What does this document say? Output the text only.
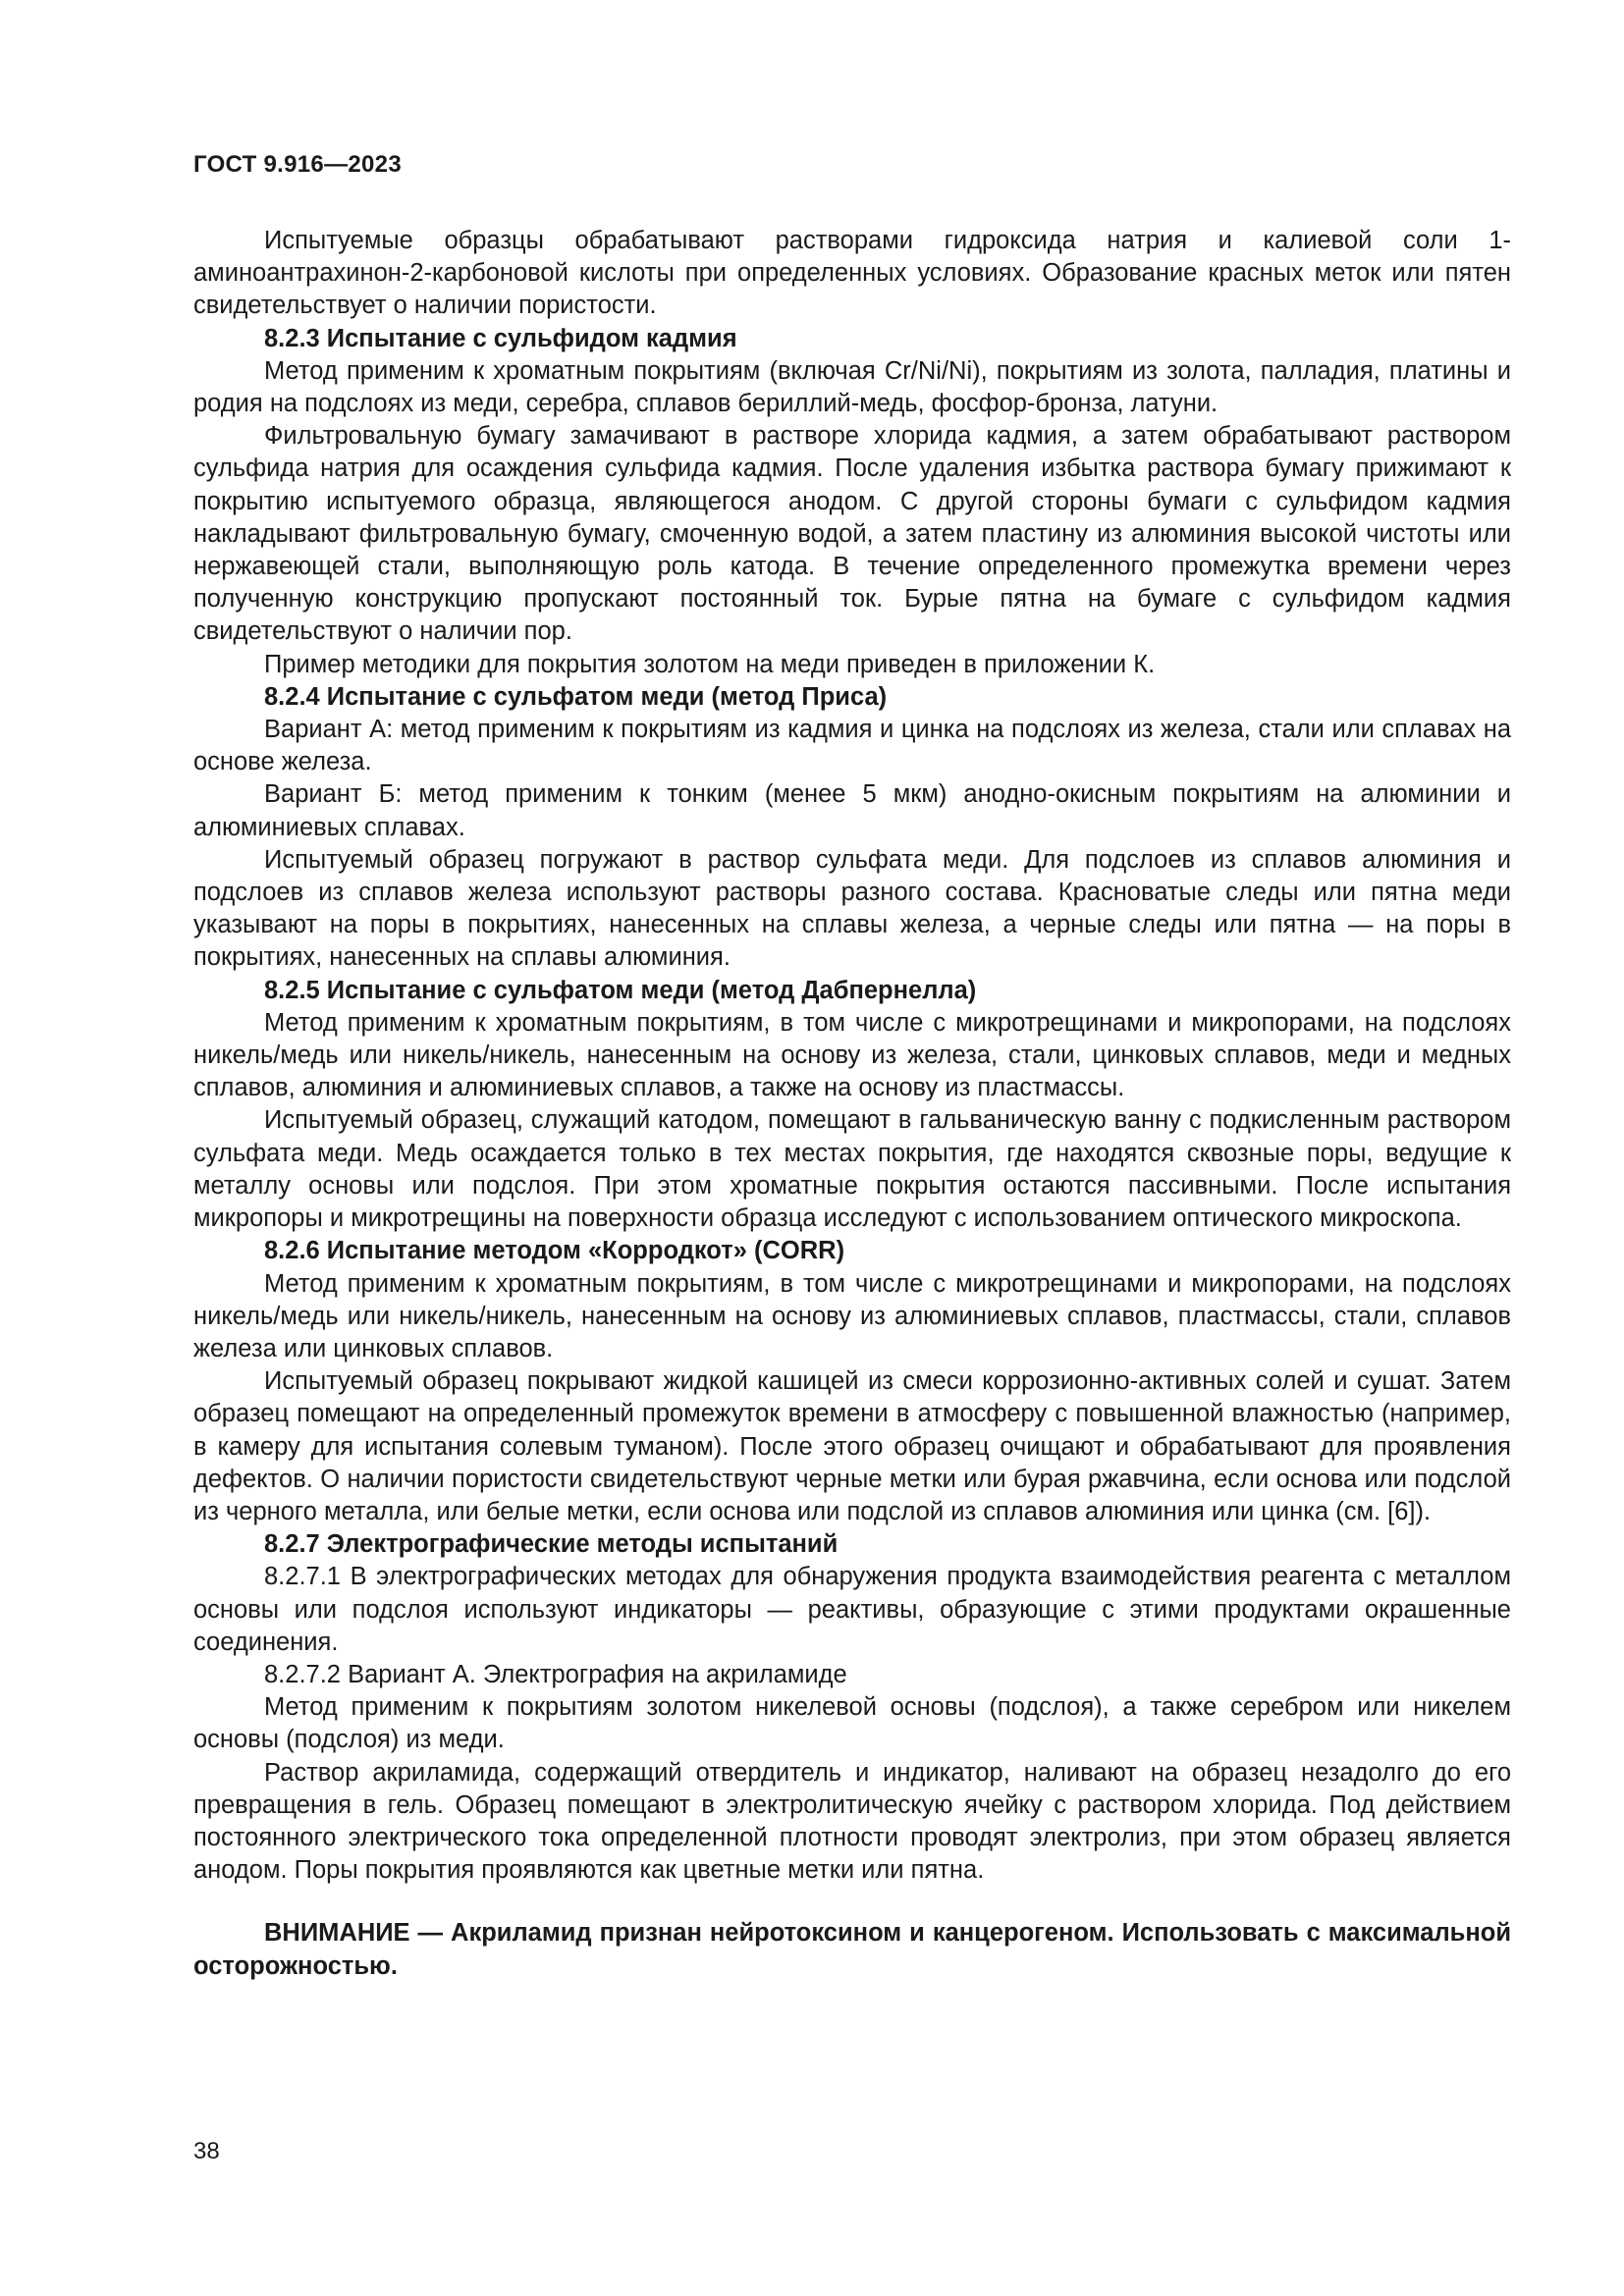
ГОСТ 9.916—2023

Испытуемые образцы обрабатывают растворами гидроксида натрия и калиевой соли 1-аминоантрахинон-2-карбоновой кислоты при определенных условиях. Образование красных меток или пятен свидетельствует о наличии пористости.

8.2.3 Испытание с сульфидом кадмия

Метод применим к хроматным покрытиям (включая Cr/Ni/Ni), покрытиям из золота, палладия, платины и родия на подслоях из меди, серебра, сплавов бериллий-медь, фосфор-бронза, латуни.

Фильтровальную бумагу замачивают в растворе хлорида кадмия, а затем обрабатывают раствором сульфида натрия для осаждения сульфида кадмия. После удаления избытка раствора бумагу прижимают к покрытию испытуемого образца, являющегося анодом. С другой стороны бумаги с сульфидом кадмия накладывают фильтровальную бумагу, смоченную водой, а затем пластину из алюминия высокой чистоты или нержавеющей стали, выполняющую роль катода. В течение определенного промежутка времени через полученную конструкцию пропускают постоянный ток. Бурые пятна на бумаге с сульфидом кадмия свидетельствуют о наличии пор.

Пример методики для покрытия золотом на меди приведен в приложении К.

8.2.4 Испытание с сульфатом меди (метод Приса)

Вариант А: метод применим к покрытиям из кадмия и цинка на подслоях из железа, стали или сплавах на основе железа.

Вариант Б: метод применим к тонким (менее 5 мкм) анодно-окисным покрытиям на алюминии и алюминиевых сплавах.

Испытуемый образец погружают в раствор сульфата меди. Для подслоев из сплавов алюминия и подслоев из сплавов железа используют растворы разного состава. Красноватые следы или пятна меди указывают на поры в покрытиях, нанесенных на сплавы железа, а черные следы или пятна — на поры в покрытиях, нанесенных на сплавы алюминия.

8.2.5 Испытание с сульфатом меди (метод Дабпернелла)

Метод применим к хроматным покрытиям, в том числе с микротрещинами и микропорами, на подслоях никель/медь или никель/никель, нанесенным на основу из железа, стали, цинковых сплавов, меди и медных сплавов, алюминия и алюминиевых сплавов, а также на основу из пластмассы.

Испытуемый образец, служащий катодом, помещают в гальваническую ванну с подкисленным раствором сульфата меди. Медь осаждается только в тех местах покрытия, где находятся сквозные поры, ведущие к металлу основы или подслоя. При этом хроматные покрытия остаются пассивными. После испытания микропоры и микротрещины на поверхности образца исследуют с использованием оптического микроскопа.

8.2.6 Испытание методом «Корродкот» (CORR)

Метод применим к хроматным покрытиям, в том числе с микротрещинами и микропорами, на подслоях никель/медь или никель/никель, нанесенным на основу из алюминиевых сплавов, пластмассы, стали, сплавов железа или цинковых сплавов.

Испытуемый образец покрывают жидкой кашицей из смеси коррозионно-активных солей и сушат. Затем образец помещают на определенный промежуток времени в атмосферу с повышенной влажностью (например, в камеру для испытания солевым туманом). После этого образец очищают и обрабатывают для проявления дефектов. О наличии пористости свидетельствуют черные метки или бурая ржавчина, если основа или подслой из черного металла, или белые метки, если основа или подслой из сплавов алюминия или цинка (см. [6]).

8.2.7 Электрографические методы испытаний

8.2.7.1 В электрографических методах для обнаружения продукта взаимодействия реагента с металлом основы или подслоя используют индикаторы — реактивы, образующие с этими продуктами окрашенные соединения.

8.2.7.2 Вариант А. Электрография на акриламиде

Метод применим к покрытиям золотом никелевой основы (подслоя), а также серебром или никелем основы (подслоя) из меди.

Раствор акриламида, содержащий отвердитель и индикатор, наливают на образец незадолго до его превращения в гель. Образец помещают в электролитическую ячейку с раствором хлорида. Под действием постоянного электрического тока определенной плотности проводят электролиз, при этом образец является анодом. Поры покрытия проявляются как цветные метки или пятна.

ВНИМАНИЕ — Акриламид признан нейротоксином и канцерогеном. Использовать с максимальной осторожностью.

38
